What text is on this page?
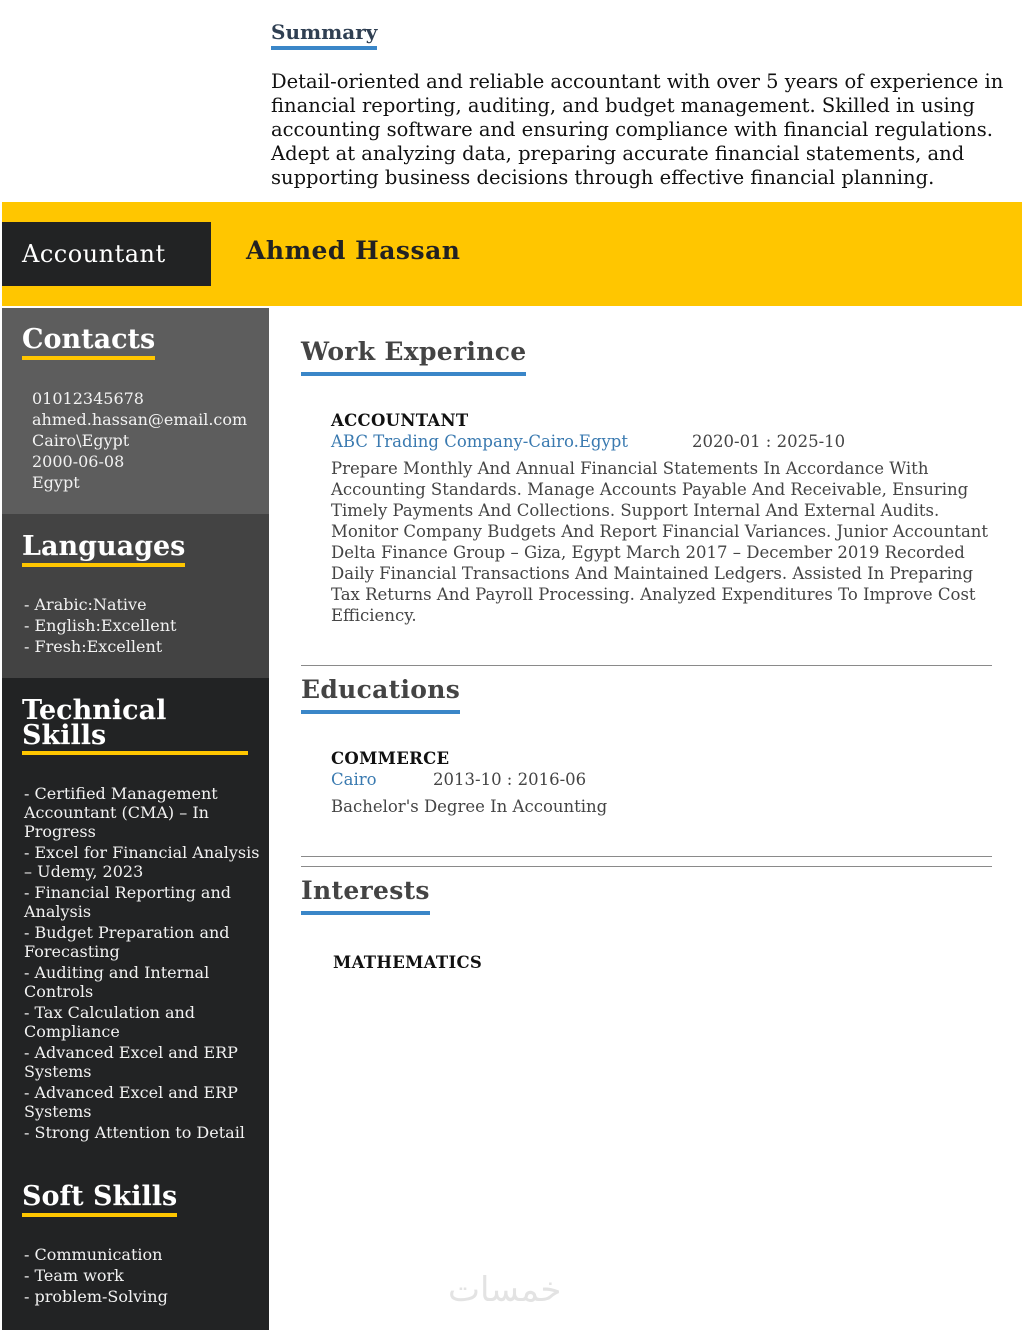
Summary
Detail-oriented and reliable accountant with over 5 years of experience in
financial reporting, auditing, and budget management. Skilled in using
accounting software and ensuring compliance with financial regulations.
Adept at analyzing data, preparing accurate financial statements, and
supporting business decisions through effective financial planning.
Accountant	Ahmed Hassan
Contacts
01012345678
ahmed.hassan@email.com
Cairo\Egypt
2000-06-08
Egypt
Languages
- Arabic:Native
- English:Excellent
- Fresh:Excellent
Technical
Skills
- Certified Management Accountant (CMA) – In Progress
- Excel for Financial Analysis – Udemy, 2023
- Financial Reporting and Analysis
- Budget Preparation and Forecasting
- Auditing and Internal Controls
- Tax Calculation and Compliance
- Advanced Excel and ERP Systems
- Advanced Excel and ERP Systems
- Strong Attention to Detail
Soft Skills
- Communication
- Team work
- problem-Solving
Work Experince
ACCOUNTANT
ABC Trading Company-Cairo.Egypt	2020-01 : 2025-10
Prepare Monthly And Annual Financial Statements In Accordance With Accounting Standards. Manage Accounts Payable And Receivable, Ensuring Timely Payments And Collections. Support Internal And External Audits. Monitor Company Budgets And Report Financial Variances. Junior Accountant Delta Finance Group – Giza, Egypt March 2017 – December 2019 Recorded Daily Financial Transactions And Maintained Ledgers. Assisted In Preparing Tax Returns And Payroll Processing. Analyzed Expenditures To Improve Cost Efficiency.
Educations
COMMERCE
Cairo	2013-10 : 2016-06
Bachelor's Degree In Accounting
Interests
MATHEMATICS
خمسات
